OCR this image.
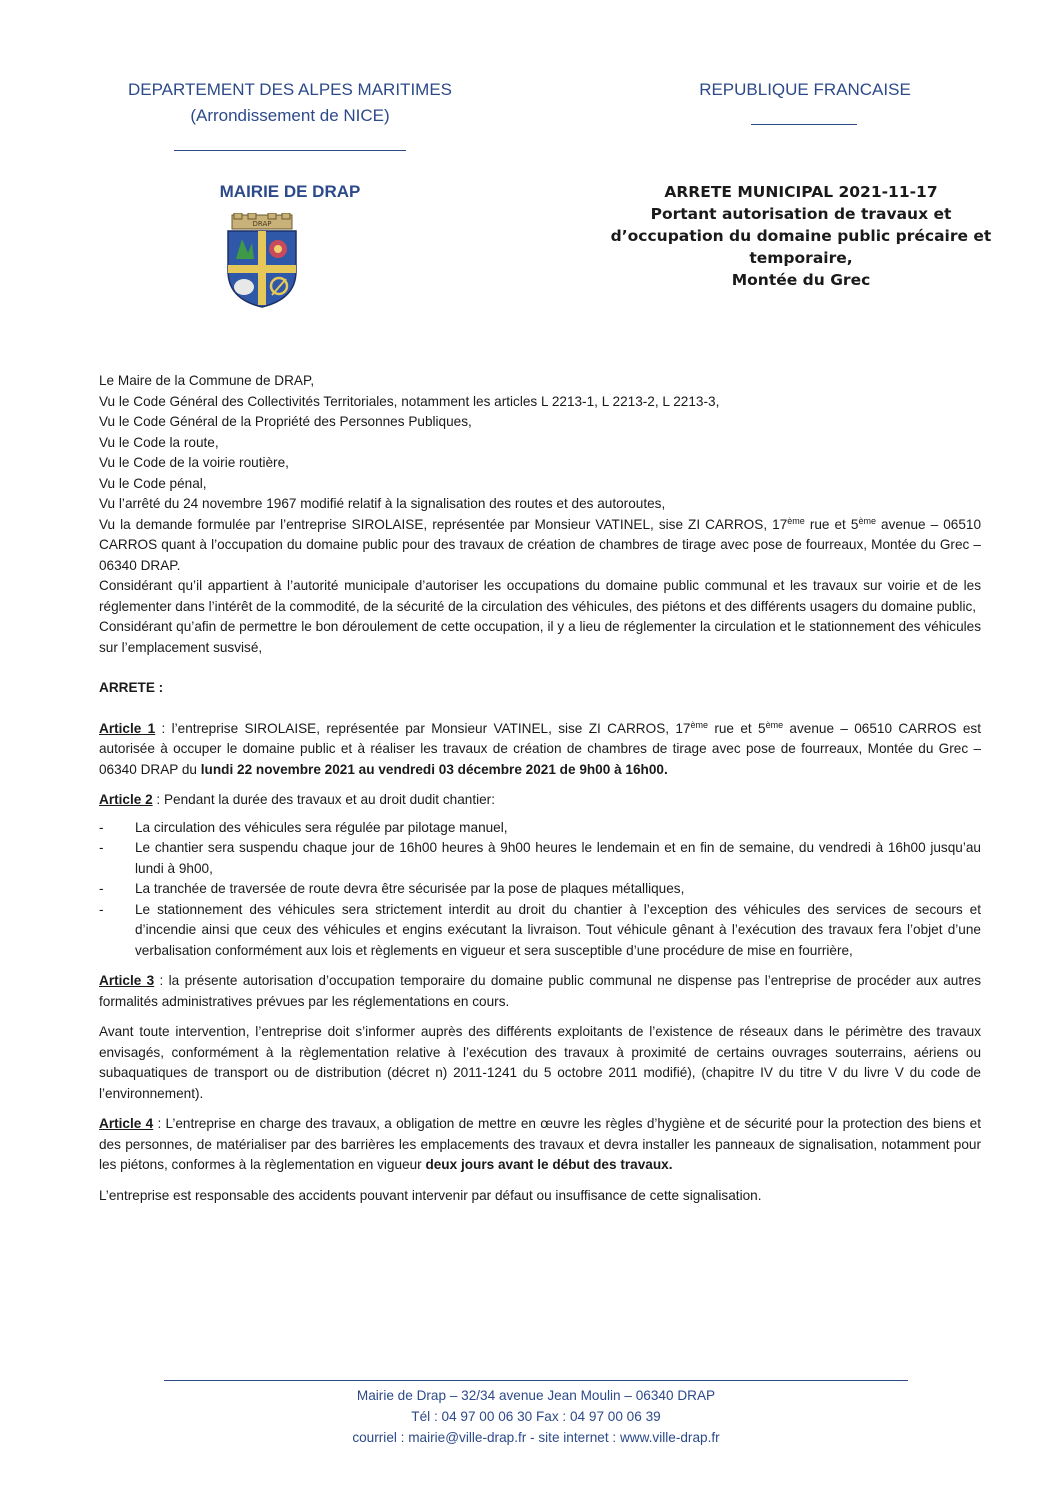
DEPARTEMENT DES ALPES MARITIMES
(Arrondissement de NICE)
REPUBLIQUE FRANCAISE
MAIRIE DE DRAP
DRAP
ARRETE MUNICIPAL 2021-11-17
Portant autorisation de travaux et
d’occupation du domaine public précaire et
temporaire,
Montée du Grec

Le Maire de la Commune de DRAP,

Vu le Code Général des Collectivités Territoriales, notamment les articles L 2213-1, L 2213-2, L 2213-3,

Vu le Code Général de la Propriété des Personnes Publiques,

Vu le Code la route,

Vu le Code de la voirie routière,

Vu le Code pénal,

Vu l’arrêté du 24 novembre 1967 modifié relatif à la signalisation des routes et des autoroutes,

Vu la demande formulée par l’entreprise SIROLAISE, représentée par Monsieur VATINEL, sise ZI CARROS, 17ème rue et 5ème avenue – 06510 CARROS quant à l’occupation du domaine public pour des travaux de création de chambres de tirage avec pose de fourreaux, Montée du Grec – 06340 DRAP.

Considérant qu’il appartient à l’autorité municipale d’autoriser les occupations du domaine public communal et les travaux sur voirie et de les réglementer dans l’intérêt de la commodité, de la sécurité de la circulation des véhicules, des piétons et des différents usagers du domaine public,

Considérant qu’afin de permettre le bon déroulement de cette occupation, il y a lieu de réglementer la circulation et le stationnement des véhicules sur l’emplacement susvisé,

ARRETE :

Article 1 : l’entreprise SIROLAISE, représentée par Monsieur VATINEL, sise ZI CARROS, 17ème rue et 5ème avenue – 06510 CARROS est autorisée à occuper le domaine public et à réaliser les travaux de création de chambres de tirage avec pose de fourreaux, Montée du Grec – 06340 DRAP du lundi 22 novembre 2021 au vendredi 03 décembre 2021 de 9h00 à 16h00.

Article 2 : Pendant la durée des travaux et au droit dudit chantier:

- La circulation des véhicules sera régulée par pilotage manuel,
- Le chantier sera suspendu chaque jour de 16h00 heures à 9h00 heures le lendemain et en fin de semaine, du vendredi à 16h00 jusqu’au lundi à 9h00,
- La tranchée de traversée de route devra être sécurisée par la pose de plaques métalliques,
- Le stationnement des véhicules sera strictement interdit au droit du chantier à l’exception des véhicules des services de secours et d’incendie ainsi que ceux des véhicules et engins exécutant la livraison. Tout véhicule gênant à l’exécution des travaux fera l’objet d’une verbalisation conformément aux lois et règlements en vigueur et sera susceptible d’une procédure de mise en fourrière,

Article 3 : la présente autorisation d’occupation temporaire du domaine public communal ne dispense pas l’entreprise de procéder aux autres formalités administratives prévues par les réglementations en cours.

Avant toute intervention, l’entreprise doit s’informer auprès des différents exploitants de l’existence de réseaux dans le périmètre des travaux envisagés, conformément à la règlementation relative à l’exécution des travaux à proximité de certains ouvrages souterrains, aériens ou subaquatiques de transport ou de distribution (décret n) 2011-1241 du 5 octobre 2011 modifié), (chapitre IV du titre V du livre V du code de l’environnement).

Article 4 : L’entreprise en charge des travaux, a obligation de mettre en œuvre les règles d’hygiène et de sécurité pour la protection des biens et des personnes, de matérialiser par des barrières les emplacements des travaux et devra installer les panneaux de signalisation, notamment pour les piétons, conformes à la règlementation en vigueur deux jours avant le début des travaux.

L’entreprise est responsable des accidents pouvant intervenir par défaut ou insuffisance de cette signalisation.

Mairie de Drap – 32/34 avenue Jean Moulin – 06340 DRAP
Tél : 04 97 00 06 30 Fax : 04 97 00 06 39
courriel : mairie@ville-drap.fr - site internet : www.ville-drap.fr
